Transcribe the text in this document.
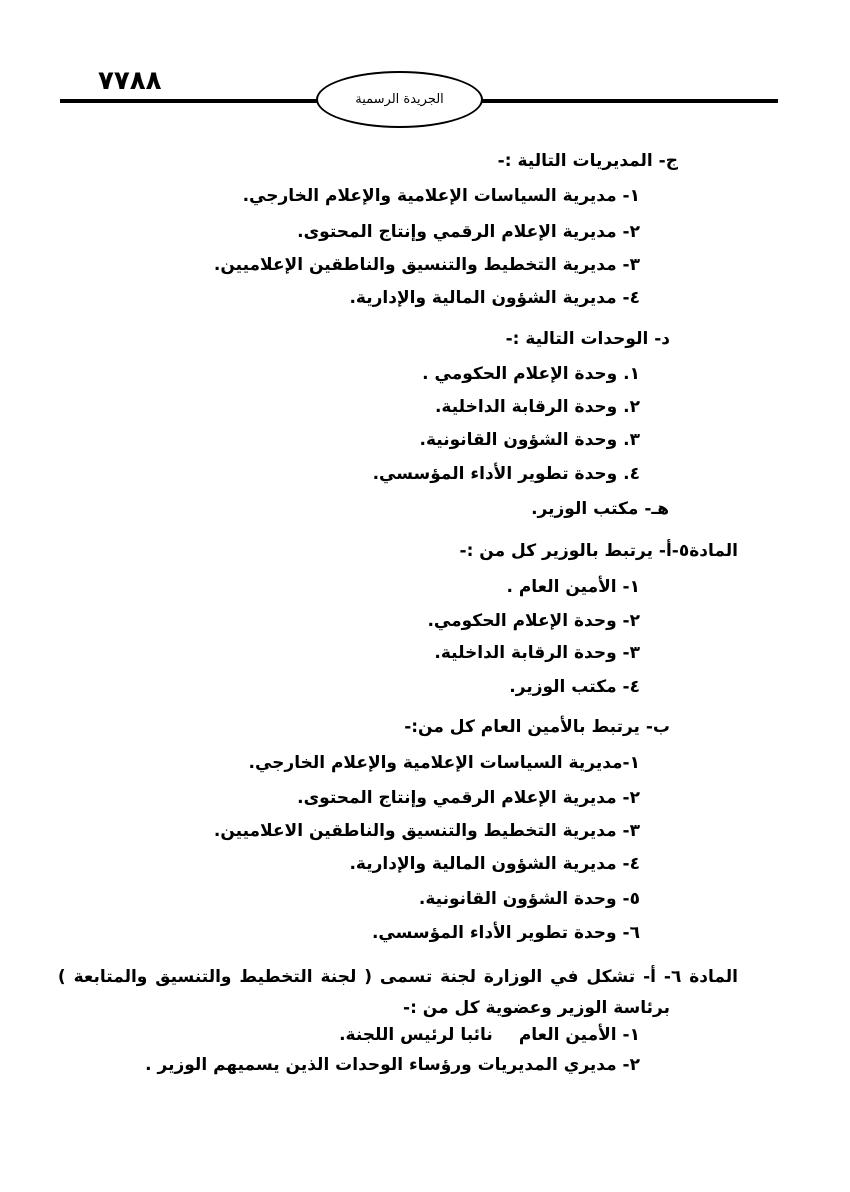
٧٧٨٨
الجريدة الرسمية
ج- المديريات التالية :-
١- مديرية السياسات الإعلامية والإعلام الخارجي.
٢- مديرية الإعلام الرقمي وإنتاج المحتوى.
٣- مديرية التخطيط والتنسيق والناطقين الإعلاميين.
٤- مديرية الشؤون المالية والإدارية.
د- الوحدات التالية :-
١. وحدة الإعلام الحكومي .
٢. وحدة الرقابة الداخلية.
٣. وحدة الشؤون القانونية.
٤. وحدة تطوير الأداء المؤسسي.
هـ- مكتب الوزير.
المادة٥-أ- يرتبط بالوزير كل من :-
١- الأمين العام .
٢- وحدة الإعلام الحكومي.
٣- وحدة الرقابة الداخلية.
٤- مكتب الوزير.
ب- يرتبط بالأمين العام كل من:-
١-مديرية السياسات الإعلامية والإعلام الخارجي.
٢- مديرية الإعلام الرقمي وإنتاج المحتوى.
٣- مديرية التخطيط والتنسيق والناطقين الاعلاميين.
٤- مديرية الشؤون المالية والإدارية.
٥- وحدة الشؤون القانونية.
٦- وحدة تطوير الأداء المؤسسي.
المادة ٦- أ- تشكل في الوزارة لجنة تسمى ( لجنة التخطيط والتنسيق والمتابعة )
برئاسة الوزير وعضوية كل من :-
١- الأمين العامنائبا لرئيس اللجنة.
٢- مديري المديريات ورؤساء الوحدات الذين يسميهم الوزير .
